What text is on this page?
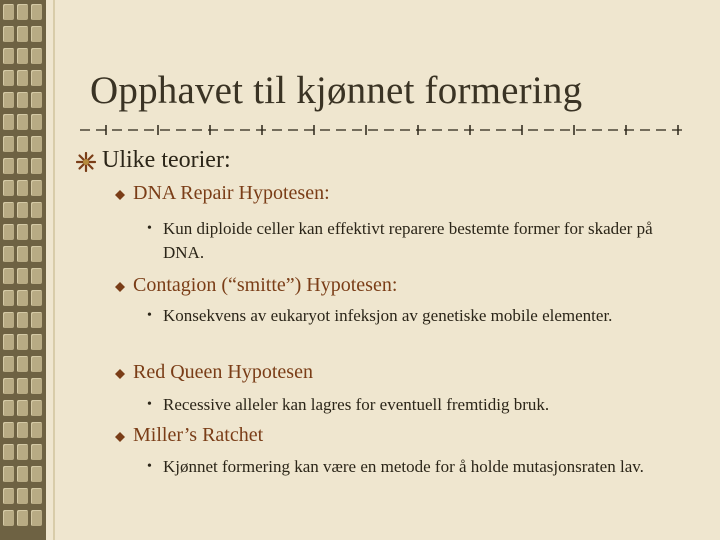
Opphavet til kjønnet formering
Ulike teorier:
DNA Repair Hypotesen:
• Kun diploide celler kan effektivt reparere bestemte former for skader på DNA.
Contagion (“smitte”) Hypotesen:
• Konsekvens av eukaryot infeksjon av genetiske mobile elementer.
Red Queen Hypotesen
• Recessive alleler kan lagres for eventuell fremtidig bruk.
Miller’s Ratchet
• Kjønnet formering kan være en metode for å holde mutasjonsraten lav.
